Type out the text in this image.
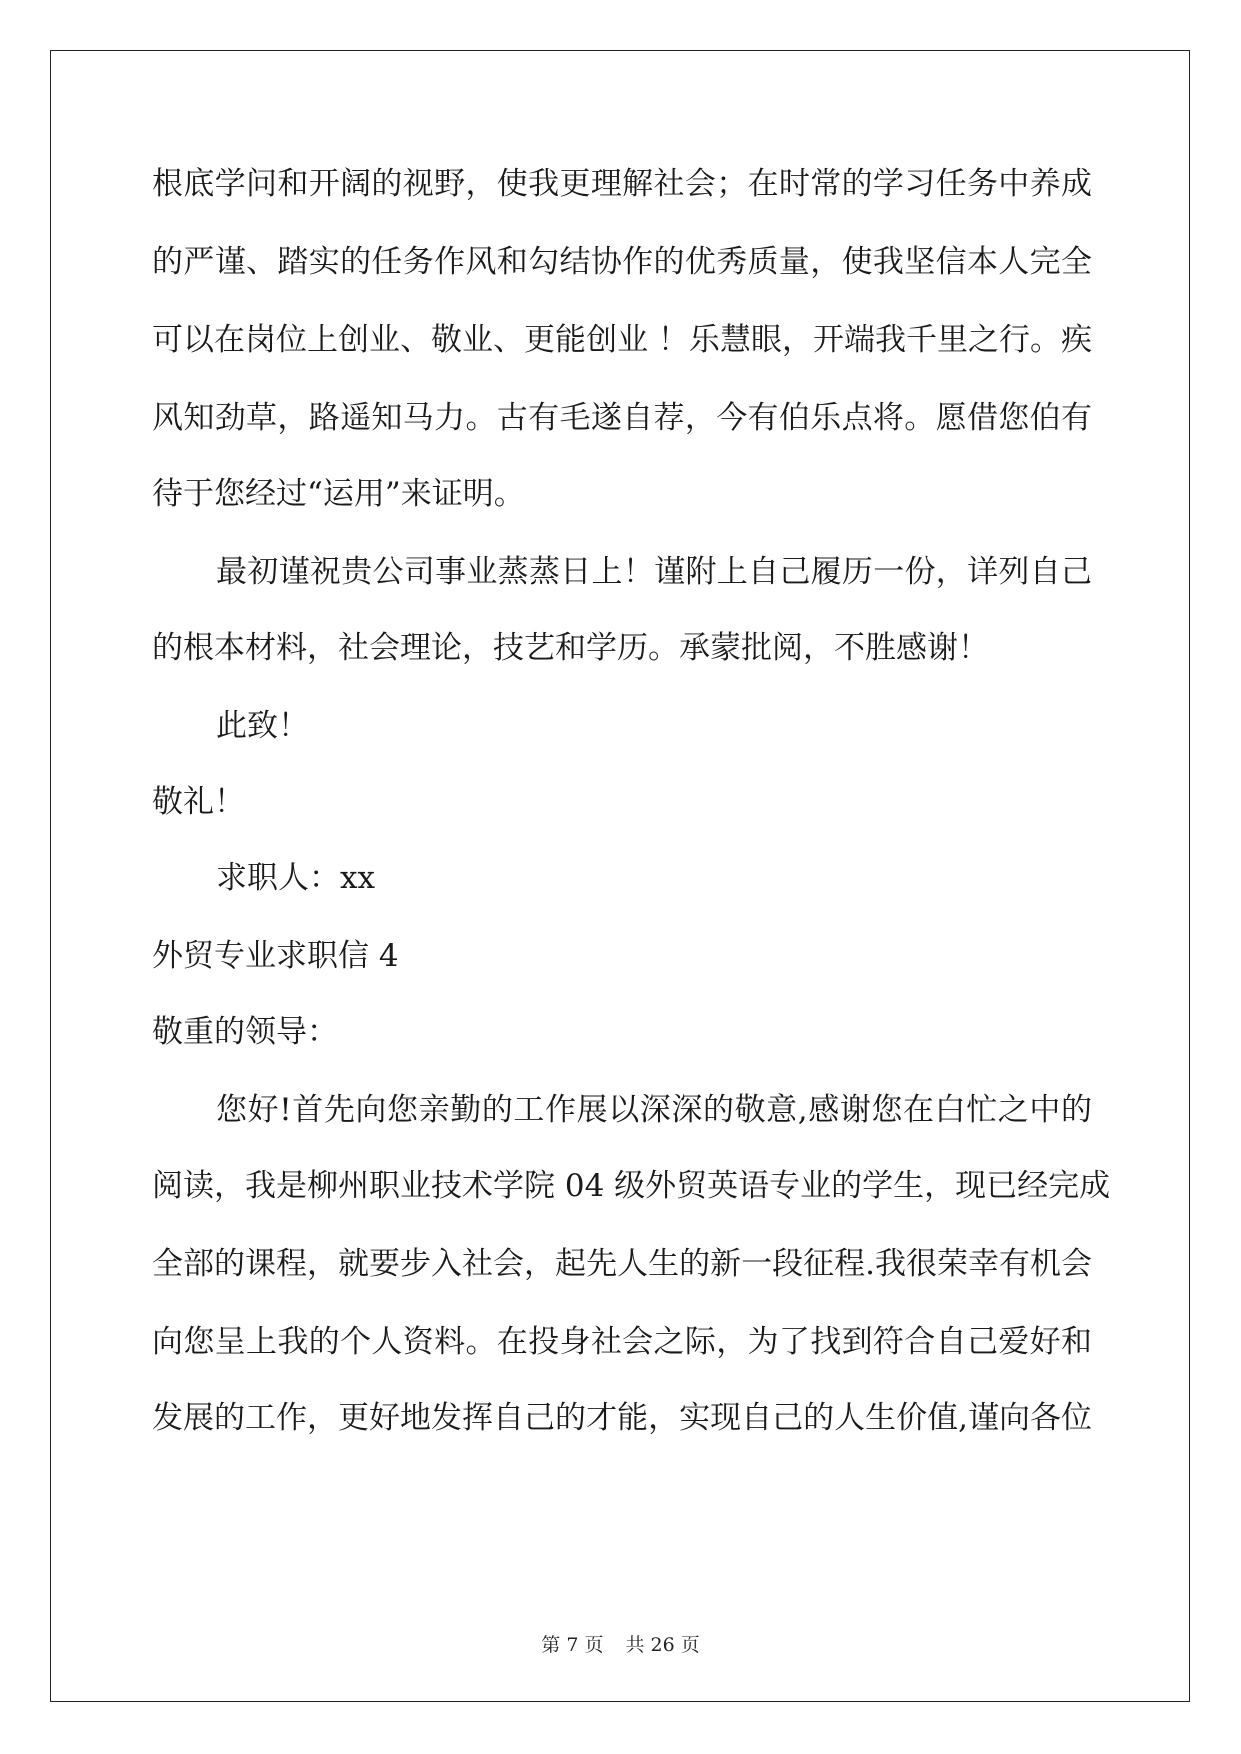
根底学问和开阔的视野，使我更理解社会；在时常的学习任务中养成
的严谨、踏实的任务作风和勾结协作的优秀质量，使我坚信本人完全
可以在岗位上创业、敬业、更能创业 ！乐慧眼，开端我千里之行。疾
风知劲草，路遥知马力。古有毛遂自荐，今有伯乐点将。愿借您伯有
待于您经过“运用”来证明。
最初谨祝贵公司事业蒸蒸日上！谨附上自己履历一份，详列自己
的根本材料，社会理论，技艺和学历。承蒙批阅，不胜感谢！
此致！
敬礼！
求职人：xx
外贸专业求职信 4
敬重的领导：
您好!首先向您亲勤的工作展以深深的敬意,感谢您在白忙之中的
阅读，我是柳州职业技术学院 04 级外贸英语专业的学生，现已经完成
全部的课程，就要步入社会，起先人生的新一段征程.我很荣幸有机会
向您呈上我的个人资料。在投身社会之际，为了找到符合自己爱好和
发展的工作，更好地发挥自己的才能，实现自己的人生价值,谨向各位
第 7 页 共 26 页
